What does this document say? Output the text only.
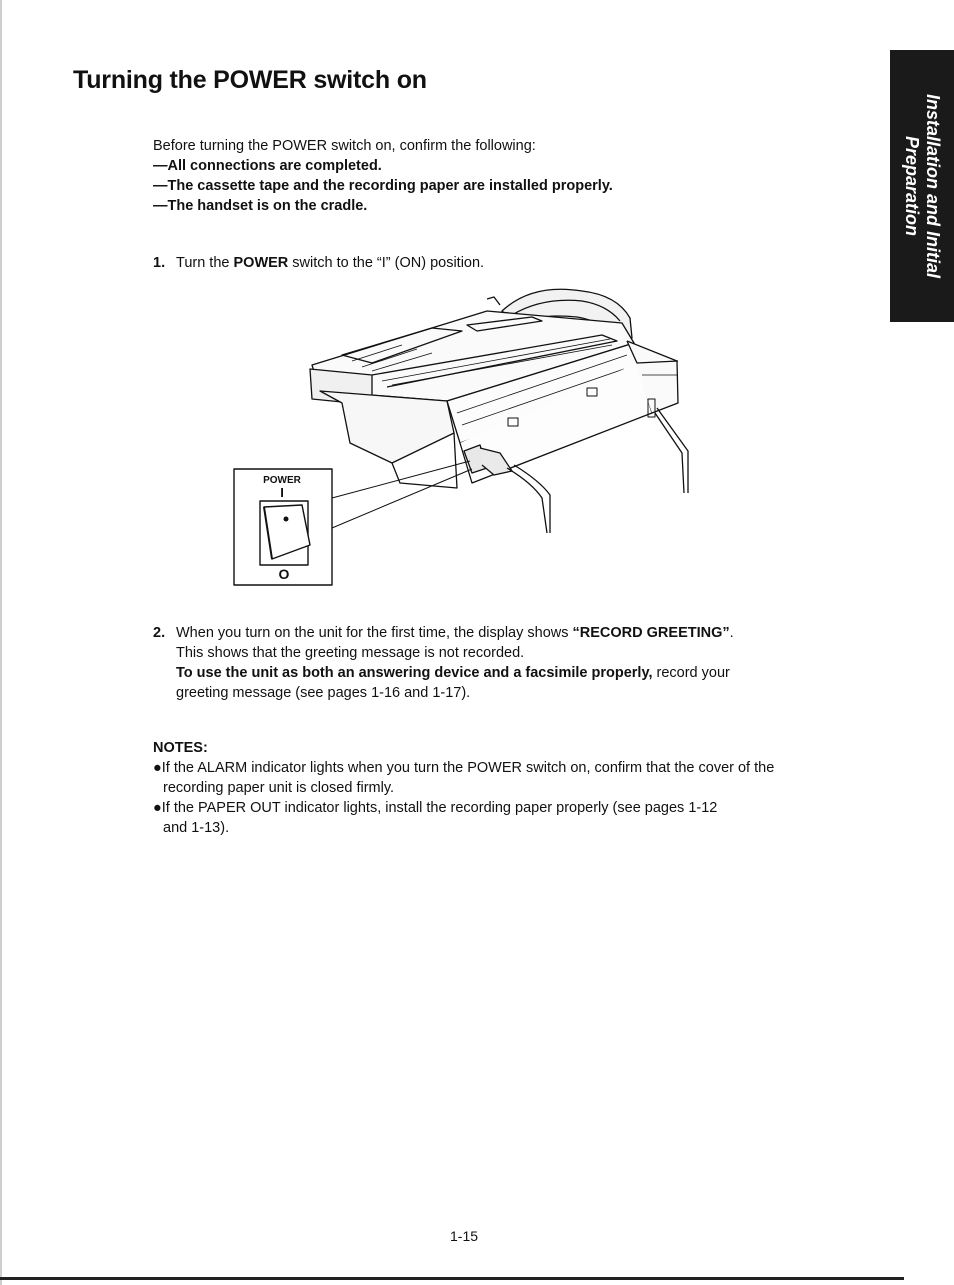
Turning the POWER switch on
Installation and Initial
Preparation
Before turning the POWER switch on, confirm the following:
—All connections are completed.
—The cassette tape and the recording paper are installed properly.
—The handset is on the cradle.
1. Turn the POWER switch to the “I” (ON) position.
POWER
I
O
2. When you turn on the unit for the first time, the display shows “RECORD GREETING”.
This shows that the greeting message is not recorded.
To use the unit as both an answering device and a facsimile properly, record your
greeting message (see pages 1-16 and 1-17).
NOTES:
●If the ALARM indicator lights when you turn the POWER switch on, confirm that the cover of the
recording paper unit is closed firmly.
●If the PAPER OUT indicator lights, install the recording paper properly (see pages 1-12
and 1-13).
1-15
